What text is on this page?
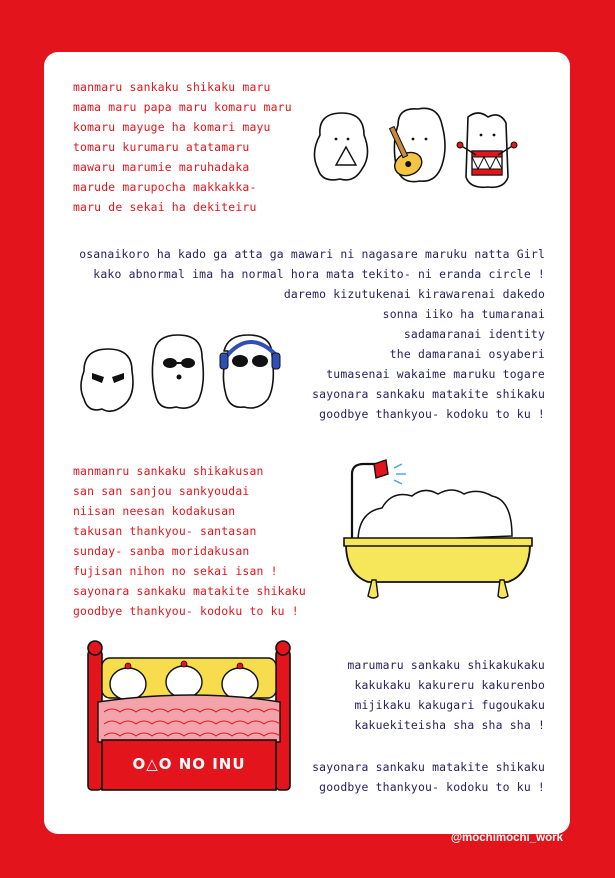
manmaru sankaku shikaku maru
mama maru papa maru komaru maru
komaru mayuge ha komari mayu
tomaru kurumaru atatamaru
mawaru marumie maruhadaka
marude marupocha makkakka-
maru de sekai ha dekiteiru
osanaikoro ha kado ga atta ga mawari ni nagasare maruku natta Girl
kako abnormal ima ha normal hora mata tekito- ni eranda circle !
daremo kizutukenai kirawarenai dakedo
sonna iiko ha tumaranai
sadamaranai identity
the damaranai osyaberi
tumasenai wakaime maruku togare
sayonara sankaku matakite shikaku
goodbye thankyou- kodoku to ku !
manmanru sankaku shikakusan
san san sanjou sankyoudai
niisan neesan kodakusan
takusan thankyou- santasan
sunday- sanba moridakusan
fujisan nihon no sekai isan !
sayonara sankaku matakite shikaku
goodbye thankyou- kodoku to ku !
marumaru sankaku shikakukaku
kakukaku kakureru kakurenbo
mijikaku kakugari fugoukaku
kakuekiteisha sha sha sha !
sayonara sankaku matakite shikaku
goodbye thankyou- kodoku to ku !
O△O NO INU
@mochimochi_work
